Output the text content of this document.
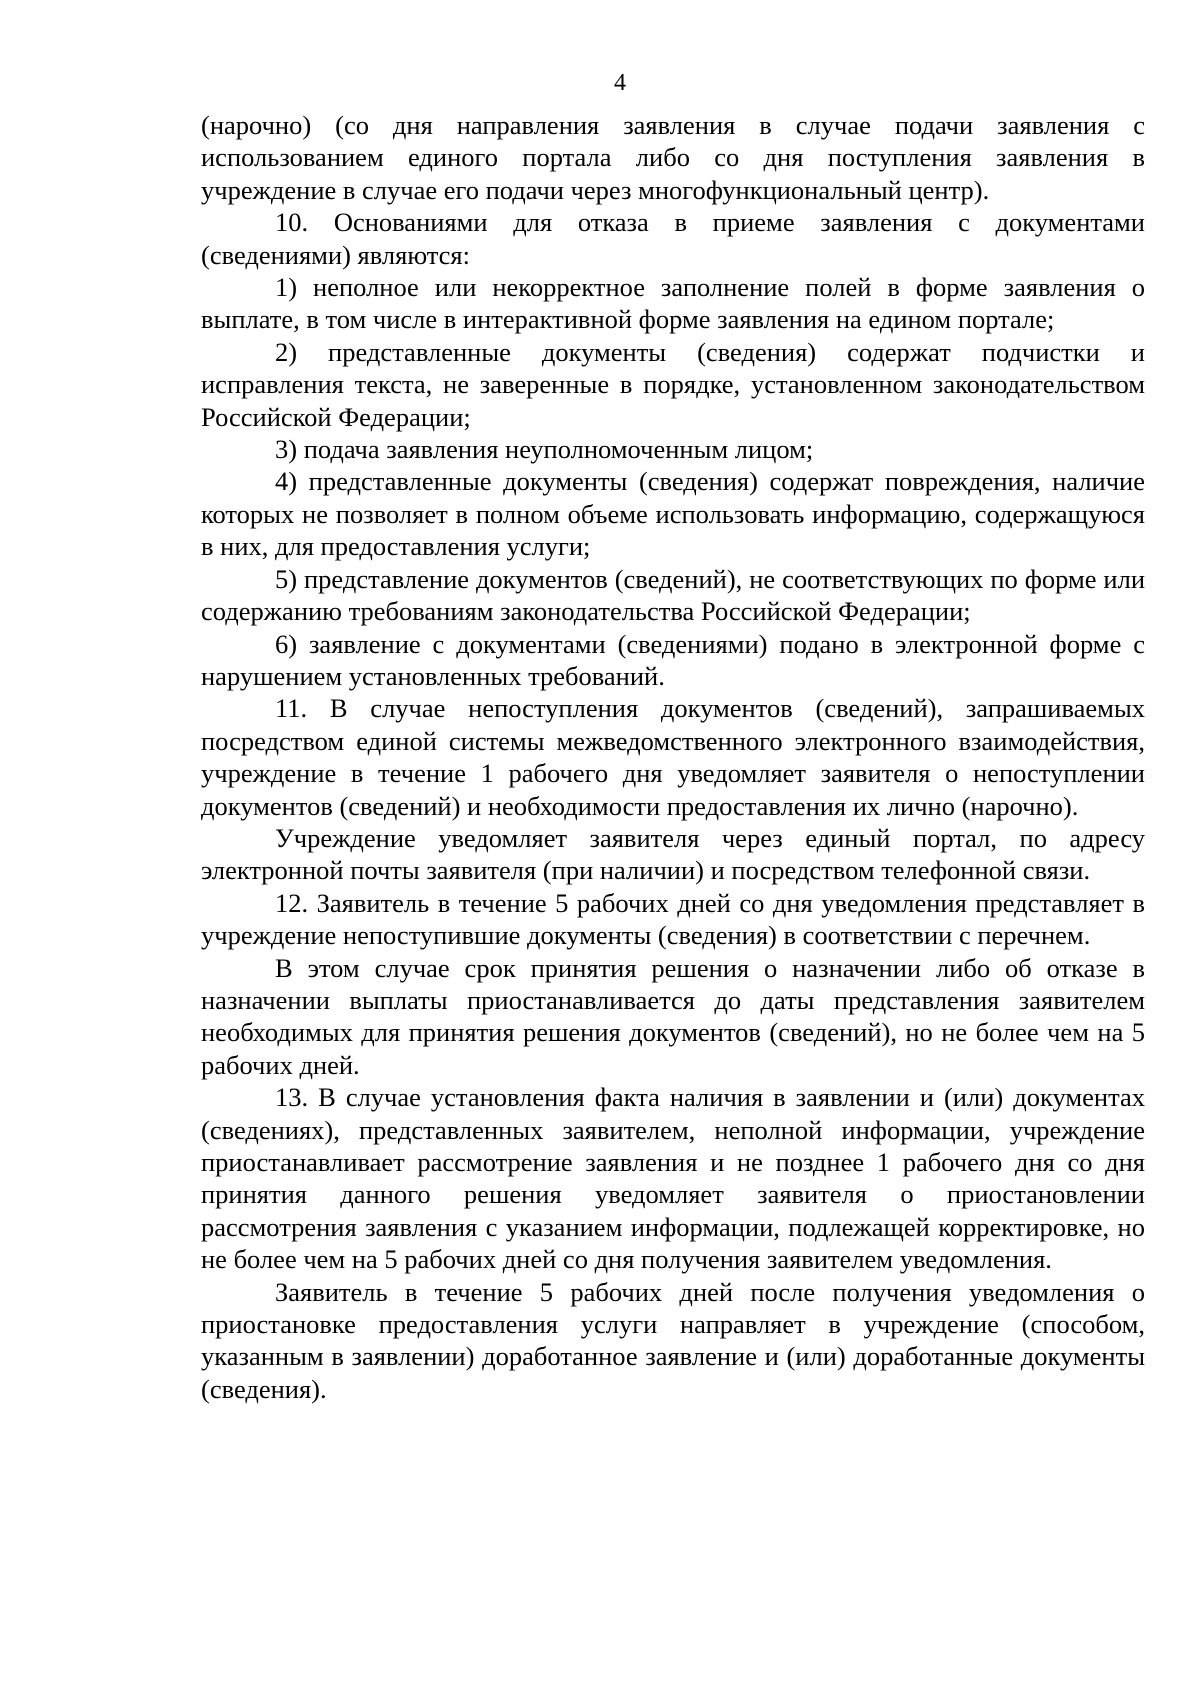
4

(нарочно) (со дня направления заявления в случае подачи заявления с использованием единого портала либо со дня поступления заявления в учреждение в случае его подачи через многофункциональный центр).

10. Основаниями для отказа в приеме заявления с документами (сведениями) являются:

1) неполное или некорректное заполнение полей в форме заявления о выплате, в том числе в интерактивной форме заявления на едином портале;

2) представленные документы (сведения) содержат подчистки и исправления текста, не заверенные в порядке, установленном законодательством Российской Федерации;

3) подача заявления неуполномоченным лицом;

4) представленные документы (сведения) содержат повреждения, наличие которых не позволяет в полном объеме использовать информацию, содержащуюся в них, для предоставления услуги;

5) представление документов (сведений), не соответствующих по форме или содержанию требованиям законодательства Российской Федерации;

6) заявление с документами (сведениями) подано в электронной форме с нарушением установленных требований.

11. В случае непоступления документов (сведений), запрашиваемых посредством единой системы межведомственного электронного взаимодействия, учреждение в течение 1 рабочего дня уведомляет заявителя о непоступлении документов (сведений) и необходимости предоставления их лично (нарочно).

Учреждение уведомляет заявителя через единый портал, по адресу электронной почты заявителя (при наличии) и посредством телефонной связи.

12. Заявитель в течение 5 рабочих дней со дня уведомления представляет в учреждение непоступившие документы (сведения) в соответствии с перечнем.

В этом случае срок принятия решения о назначении либо об отказе в назначении выплаты приостанавливается до даты представления заявителем необходимых для принятия решения документов (сведений), но не более чем на 5 рабочих дней.

13. В случае установления факта наличия в заявлении и (или) документах (сведениях), представленных заявителем, неполной информации, учреждение приостанавливает рассмотрение заявления и не позднее 1 рабочего дня со дня принятия данного решения уведомляет заявителя о приостановлении рассмотрения заявления с указанием информации, подлежащей корректировке, но не более чем на 5 рабочих дней со дня получения заявителем уведомления.

Заявитель в течение 5 рабочих дней после получения уведомления о приостановке предоставления услуги направляет в учреждение (способом, указанным в заявлении) доработанное заявление и (или) доработанные документы (сведения).
